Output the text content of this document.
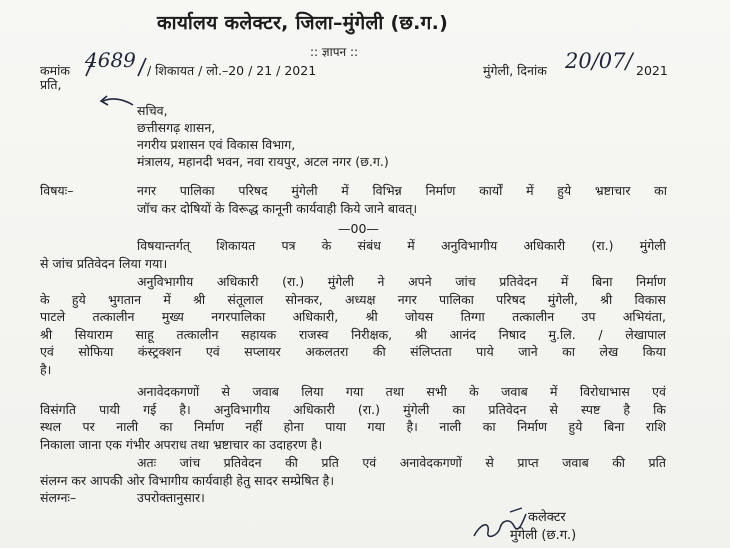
कार्यालय कलेक्टर, जिला–मुंगेली (छ.ग.)
:: ज्ञापन ::
कमांक 4689 / शिकायत / लो.–20 / 21 / 2021	मुंगेली, दिनांक 20/07/ 2021
प्रति,
सचिव,
छत्तीसगढ़ शासन,
नगरीय प्रशासन एवं विकास विभाग,
मंत्रालय, महानदी भवन, नवा रायपुर, अटल नगर (छ.ग.)
विषयः–	नगर पालिका परिषद मुंगेली में विभिन्न निर्माण कार्यों में हुये भ्रष्टाचार का
जॉच कर दोषियों के विरूद्ध कानूनी कार्यवाही किये जाने बावत्।
—00—
विषयान्तर्गत् शिकायत पत्र के संबंध में अनुविभागीय अधिकारी (रा.) मुंगेली
से जांच प्रतिवेदन लिया गया।
अनुविभागीय अधिकारी (रा.) मुंगेली ने अपने जांच प्रतिवेदन में बिना निर्माण
के हुये भुगतान में श्री संतूलाल सोनकर, अध्यक्ष नगर पालिका परिषद मुंगेली, श्री विकास
पाटले तत्कालीन मुख्य नगरपालिका अधिकारी, श्री जोयस तिग्गा तत्कालीन उप अभियंता,
श्री सियाराम साहू तत्कालीन सहायक राजस्व निरीक्षक, श्री आनंद निषाद मु.लि. / लेखापाल
एवं सोफिया कंस्ट्रक्शन एवं सप्लायर अकलतरा की संलिप्तता पाये जाने का लेख किया
है।
अनावेदकगणों से जवाब लिया गया तथा सभी के जवाब में विरोधाभास एवं
विसंगति पायी गई है। अनुविभागीय अधिकारी (रा.) मुंगेली का प्रतिवेदन से स्पष्ट है कि
स्थल पर नाली का निर्माण नहीं होना पाया गया है। नाली का निर्माण हुये बिना राशि
निकाला जाना एक गंभीर अपराध तथा भ्रष्टाचार का उदाहरण है।
अतः जांच प्रतिवेदन की प्रति एवं अनावेदकगणों से प्राप्त जवाब की प्रति
संलग्न कर आपकी ओर विभागीय कार्यवाही हेतु सादर सम्प्रेषित है।
संलग्नः–	उपरोक्तानुसार।
कलेक्टर
मुंगेली (छ.ग.)
